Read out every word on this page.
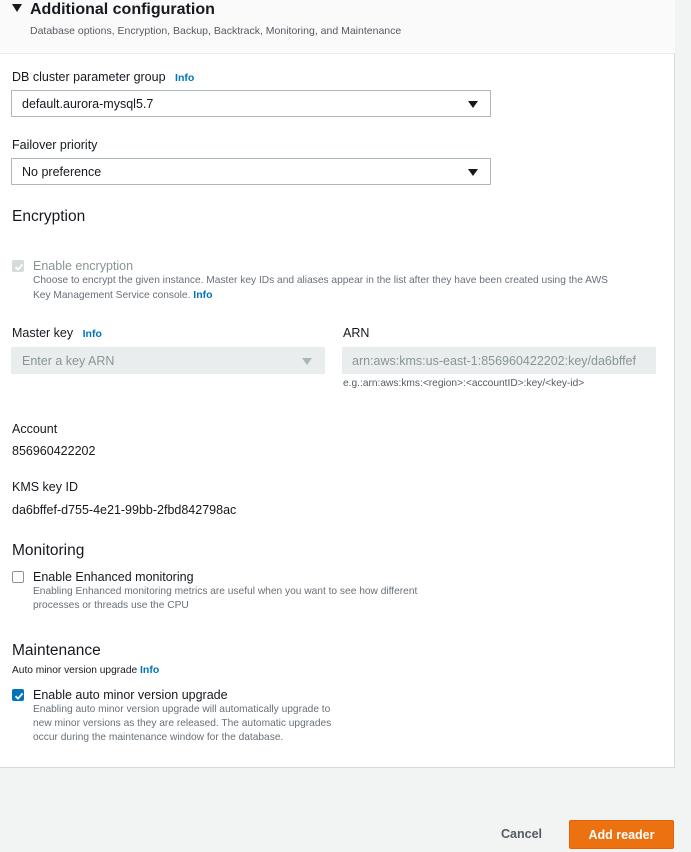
Additional configuration
Database options, Encryption, Backup, Backtrack, Monitoring, and Maintenance
DB cluster parameter group Info
default.aurora-mysql5.7
Failover priority
No preference
Encryption
Enable encryption
Choose to encrypt the given instance. Master key IDs and aliases appear in the list after they have been created using the AWS
Key Management Service console. Info
Master key Info
Enter a key ARN
ARN
arn:aws:kms:us-east-1:856960422202:key/da6bffef
e.g.:arn:aws:kms:<region>:<accountID>:key/<key-id>
Account
856960422202
KMS key ID
da6bffef-d755-4e21-99bb-2fbd842798ac
Monitoring
Enable Enhanced monitoring
Enabling Enhanced monitoring metrics are useful when you want to see how different
processes or threads use the CPU
Maintenance
Auto minor version upgrade Info
Enable auto minor version upgrade
Enabling auto minor version upgrade will automatically upgrade to
new minor versions as they are released. The automatic upgrades
occur during the maintenance window for the database.
Cancel	Add reader
